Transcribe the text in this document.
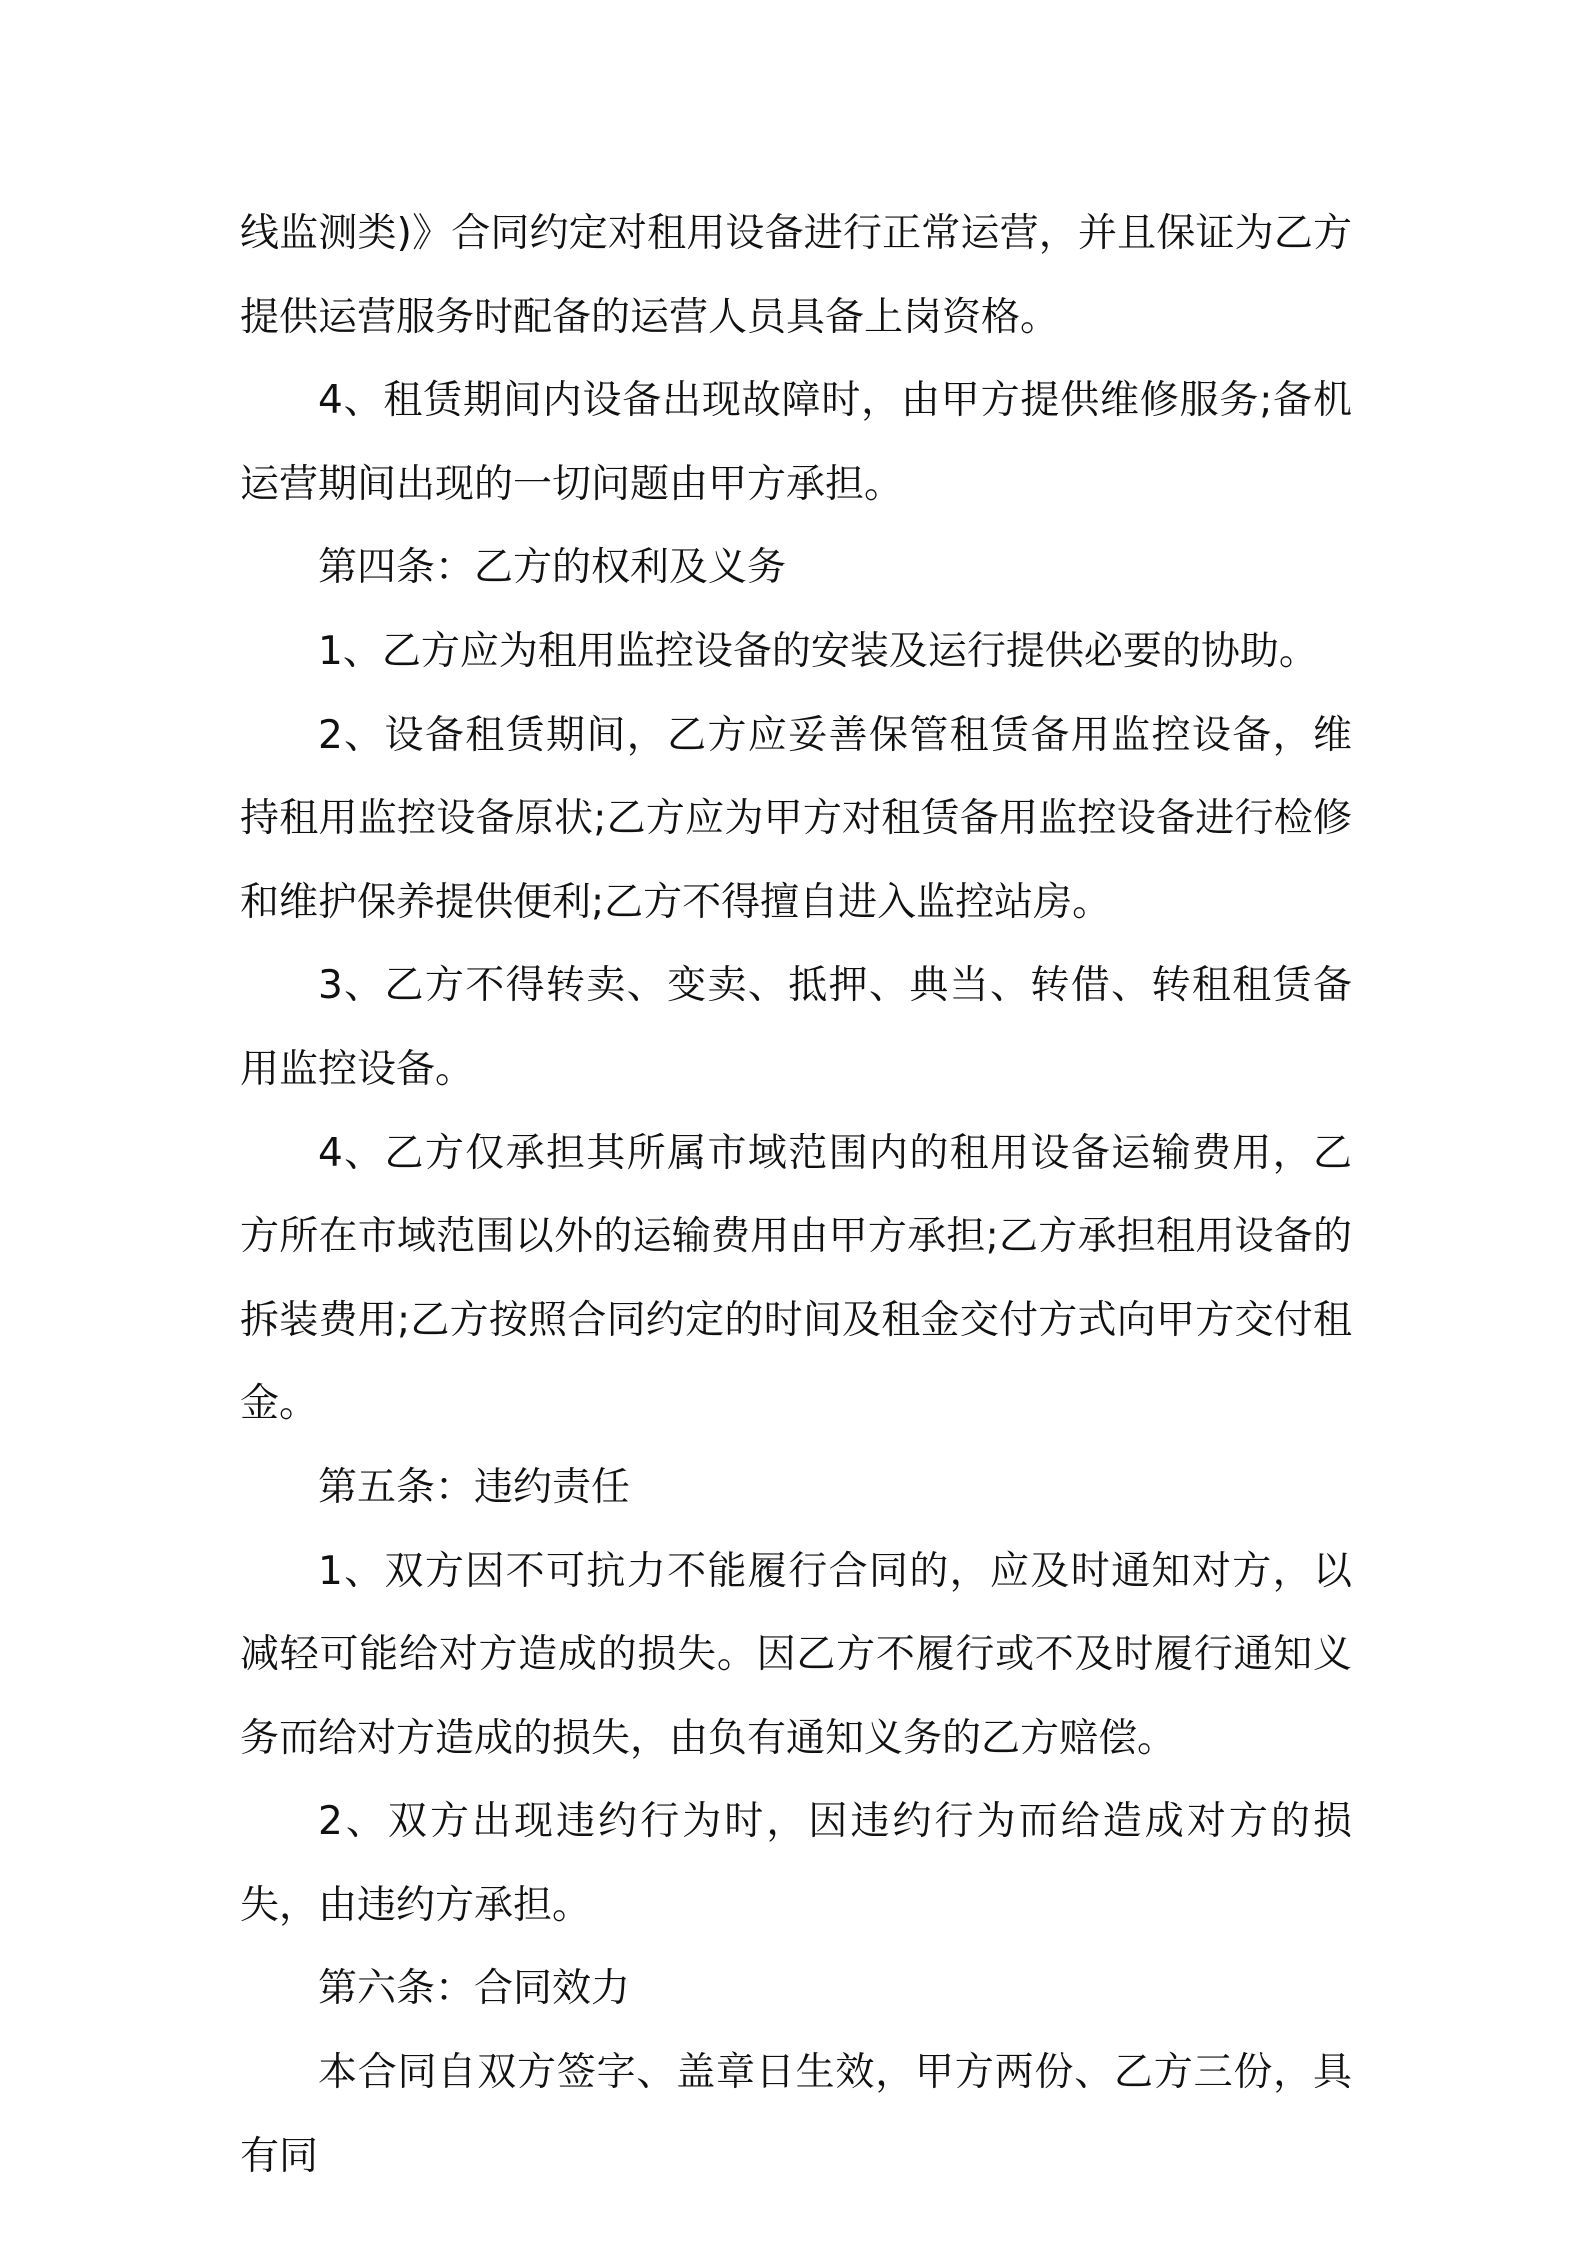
线监测类)》合同约定对租用设备进行正常运营，并且保证为乙方提供运营服务时配备的运营人员具备上岗资格。

4、租赁期间内设备出现故障时，由甲方提供维修服务;备机运营期间出现的一切问题由甲方承担。

第四条：乙方的权利及义务

1、乙方应为租用监控设备的安装及运行提供必要的协助。

2、设备租赁期间，乙方应妥善保管租赁备用监控设备，维持租用监控设备原状;乙方应为甲方对租赁备用监控设备进行检修和维护保养提供便利;乙方不得擅自进入监控站房。

3、乙方不得转卖、变卖、抵押、典当、转借、转租租赁备用监控设备。

4、乙方仅承担其所属市域范围内的租用设备运输费用，乙方所在市域范围以外的运输费用由甲方承担;乙方承担租用设备的拆装费用;乙方按照合同约定的时间及租金交付方式向甲方交付租金。

第五条：违约责任

1、双方因不可抗力不能履行合同的，应及时通知对方，以减轻可能给对方造成的损失。因乙方不履行或不及时履行通知义务而给对方造成的损失，由负有通知义务的乙方赔偿。

2、双方出现违约行为时，因违约行为而给造成对方的损失，由违约方承担。

第六条：合同效力

本合同自双方签字、盖章日生效，甲方两份、乙方三份，具有同
